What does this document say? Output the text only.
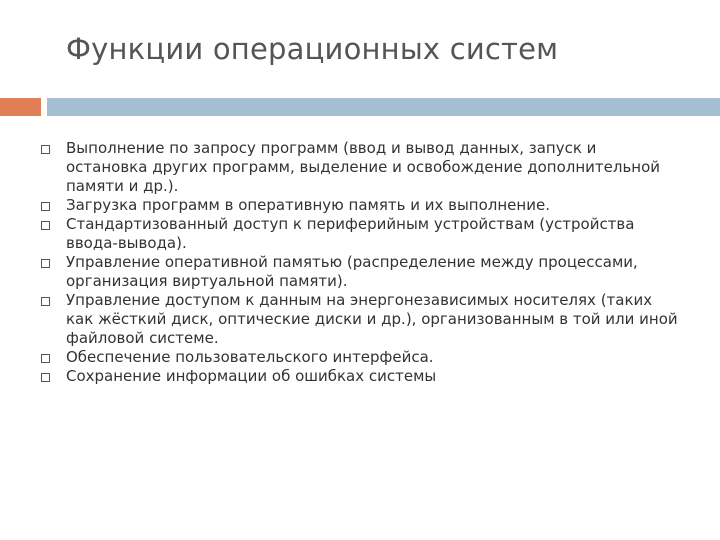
Функции операционных систем
Выполнение по запросу программ (ввод и вывод данных, запуск и остановка других программ, выделение и освобождение дополнительной памяти и др.).
Загрузка программ в оперативную память и их выполнение.
Стандартизованный доступ к периферийным устройствам (устройства ввода-вывода).
Управление оперативной памятью (распределение между процессами, организация виртуальной памяти).
Управление доступом к данным на энергонезависимых носителях (таких как жёсткий диск, оптические диски и др.), организованным в той или иной файловой системе.
Обеспечение пользовательского интерфейса.
Сохранение информации об ошибках системы
